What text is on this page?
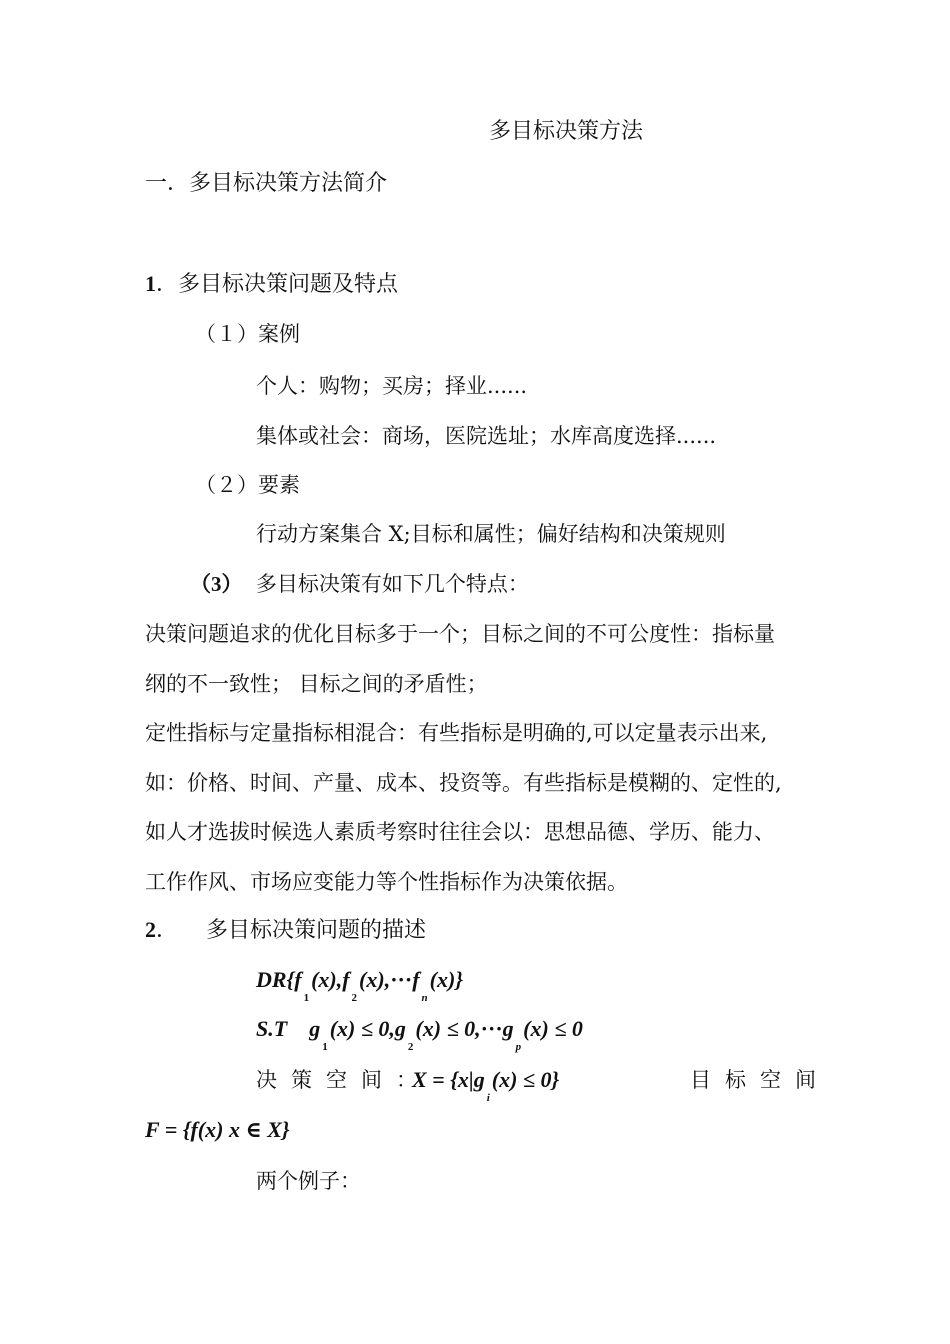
多目标决策方法
一．多目标决策方法简介
1．多目标决策问题及特点
（１）案例
个人：购物；买房；择业......
集体或社会：商场，医院选址；水库高度选择......
（２）要素
行动方案集合 X;目标和属性；偏好结构和决策规则
（3） 多目标决策有如下几个特点：
决策问题追求的优化目标多于一个；目标之间的不可公度性：指标量
纲的不一致性； 目标之间的矛盾性；
定性指标与定量指标相混合：有些指标是明确的,可以定量表示出来,
如：价格、时间、产量、成本、投资等。有些指标是模糊的、定性的,
如人才选拔时候选人素质考察时往往会以：思想品德、学历、能力、
工作作风、市场应变能力等个性指标作为决策依据。
2．    多目标决策问题的描述
$DR\{f_1(x),f_2(x),\cdot\cdot\cdot f_n(x)\}$
S.T $g_1(x) \le 0,g_2(x) \le 0,\cdot\cdot\cdot g_p(x) \le 0$
决策空间：
$X = \{x|g_i(x) \le 0\}$	目标空间
F = {f(x) x ∈ X}
两个例子：
